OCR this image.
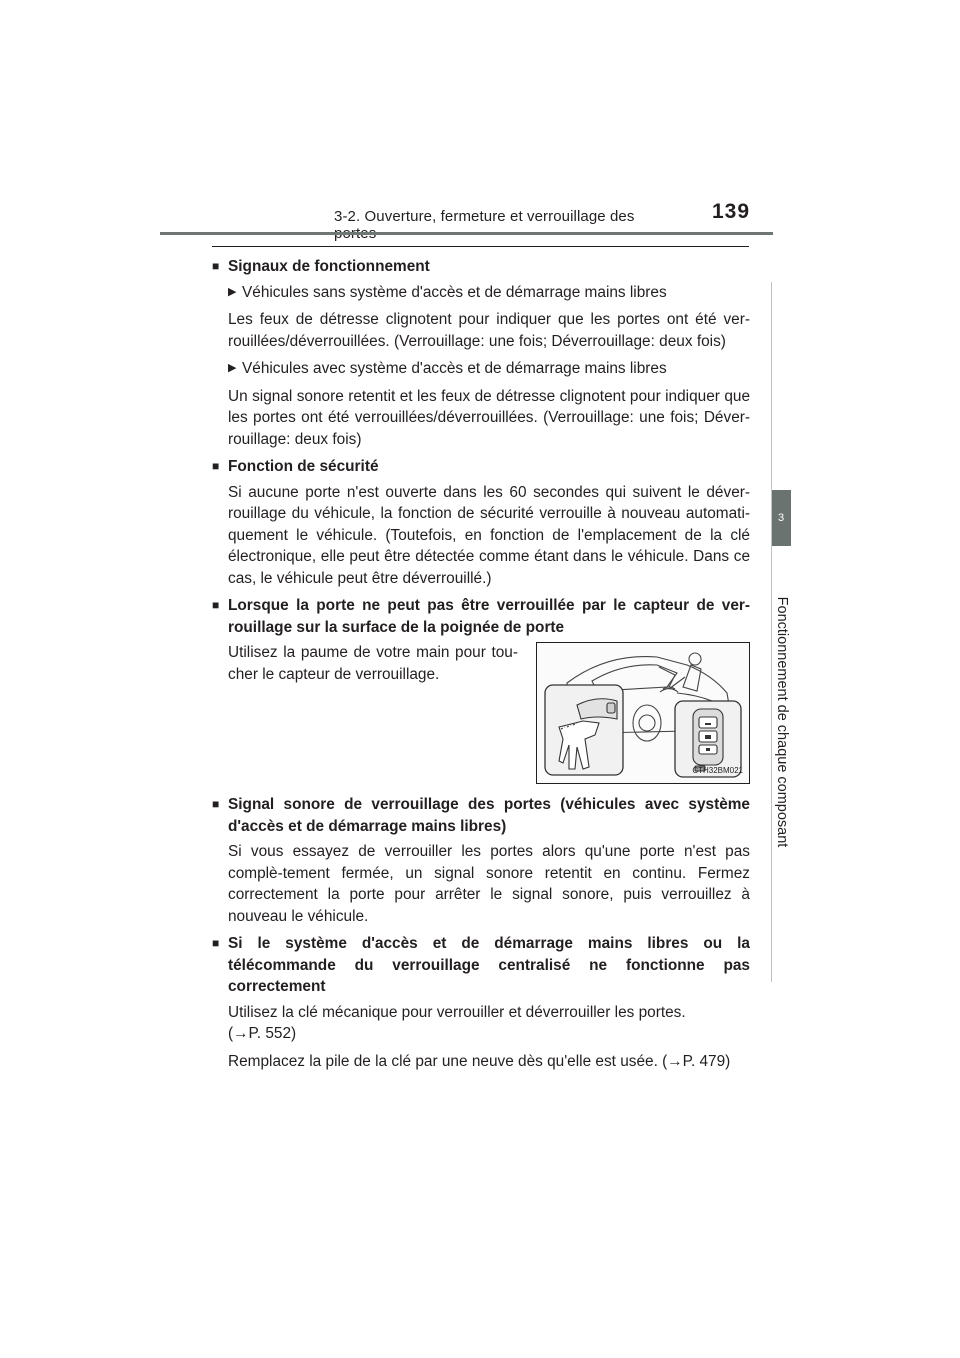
3-2. Ouverture, fermeture et verrouillage des	139
3
Fonctionnement de chaque composant
■ Signaux de fonctionnement
▶ Véhicules sans système d'accès et de démarrage mains libres
Les feux de détresse clignotent pour indiquer que les portes ont été ver-rouillées/déverrouillées. (Verrouillage: une fois; Déverrouillage: deux fois)
▶ Véhicules avec système d'accès et de démarrage mains libres
Un signal sonore retentit et les feux de détresse clignotent pour indiquer que les portes ont été verrouillées/déverrouillées. (Verrouillage: une fois; Déver-rouillage: deux fois)
■ Fonction de sécurité
Si aucune porte n'est ouverte dans les 60 secondes qui suivent le déver-rouillage du véhicule, la fonction de sécurité verrouille à nouveau automati-quement le véhicule. (Toutefois, en fonction de l'emplacement de la clé électronique, elle peut être détectée comme étant dans le véhicule. Dans ce cas, le véhicule peut être déverrouillé.)
■ Lorsque la porte ne peut pas être verrouillée par le capteur de ver-rouillage sur la surface de la poignée de porte
Utilisez la paume de votre main pour tou-cher le capteur de verrouillage.
CTH32BM021
■ Signal sonore de verrouillage des portes (véhicules avec système d'accès et de démarrage mains libres)
Si vous essayez de verrouiller les portes alors qu'une porte n'est pas complè-tement fermée, un signal sonore retentit en continu. Fermez correctement la porte pour arrêter le signal sonore, puis verrouillez à nouveau le véhicule.
■ Si le système d'accès et de démarrage mains libres ou la télécommande du verrouillage centralisé ne fonctionne pas correctement
Utilisez la clé mécanique pour verrouiller et déverrouiller les portes.
(→P. 552)
Remplacez la pile de la clé par une neuve dès qu'elle est usée. (→P. 479)
